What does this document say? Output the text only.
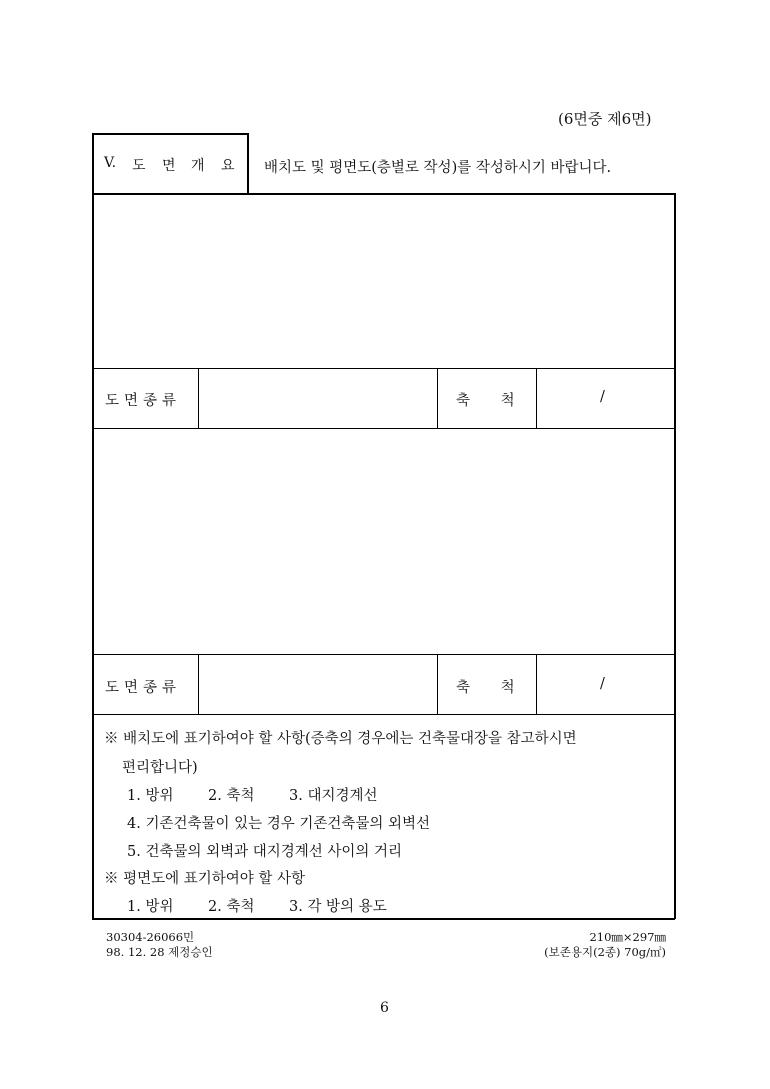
(6면중 제6면)
V. 도 면 개 요 배치도 및 평면도(층별로 작성)를 작성하시기 바랍니다.
도면종류	축 척	/
도면종류	축 척	/
※ 배치도에 표기하여야 할 사항(증축의 경우에는 건축물대장을 참고하시면
편리합니다)
1. 방위 2. 축척 3. 대지경계선
4. 기존건축물이 있는 경우 기존건축물의 외벽선
5. 건축물의 외벽과 대지경계선 사이의 거리
※ 평면도에 표기하여야 할 사항
1. 방위 2. 축척 3. 각 방의 용도
30304-26066민
98. 12. 28 제정승인
210㎜×297㎜
(보존용지(2종) 70g/㎡)
6
